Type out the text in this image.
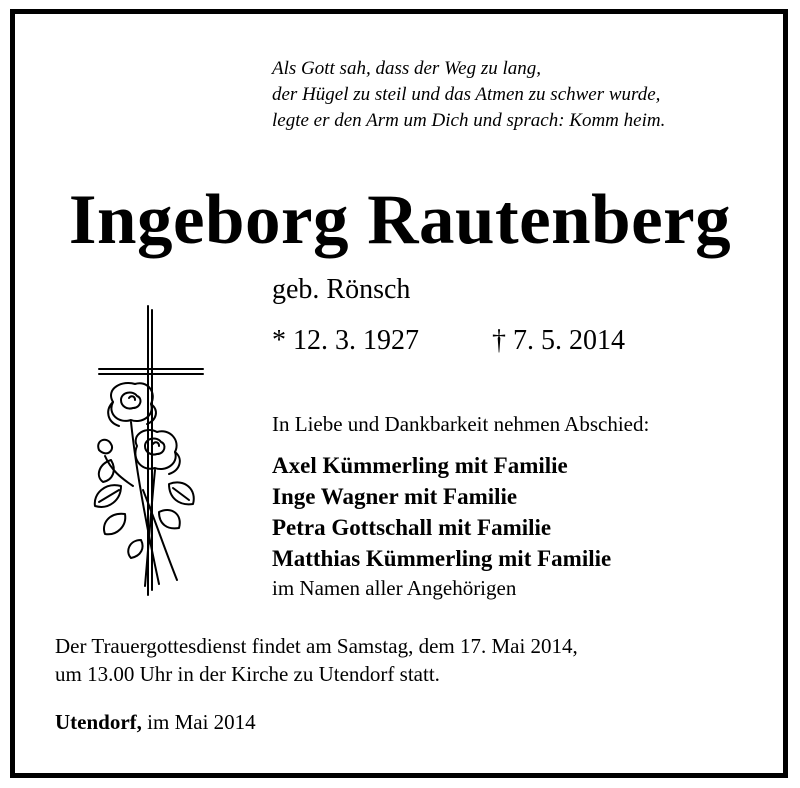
Als Gott sah, dass der Weg zu lang,
der Hügel zu steil und das Atmen zu schwer wurde,
legte er den Arm um Dich und sprach: Komm heim.
Ingeborg Rautenberg
geb. Rönsch
* 12. 3. 1927	† 7. 5. 2014
In Liebe und Dankbarkeit nehmen Abschied:
Axel Kümmerling mit Familie
Inge Wagner mit Familie
Petra Gottschall mit Familie
Matthias Kümmerling mit Familie
im Namen aller Angehörigen
Der Trauergottesdienst findet am Samstag, dem 17. Mai 2014,
um 13.00 Uhr in der Kirche zu Utendorf statt.
Utendorf, im Mai 2014
